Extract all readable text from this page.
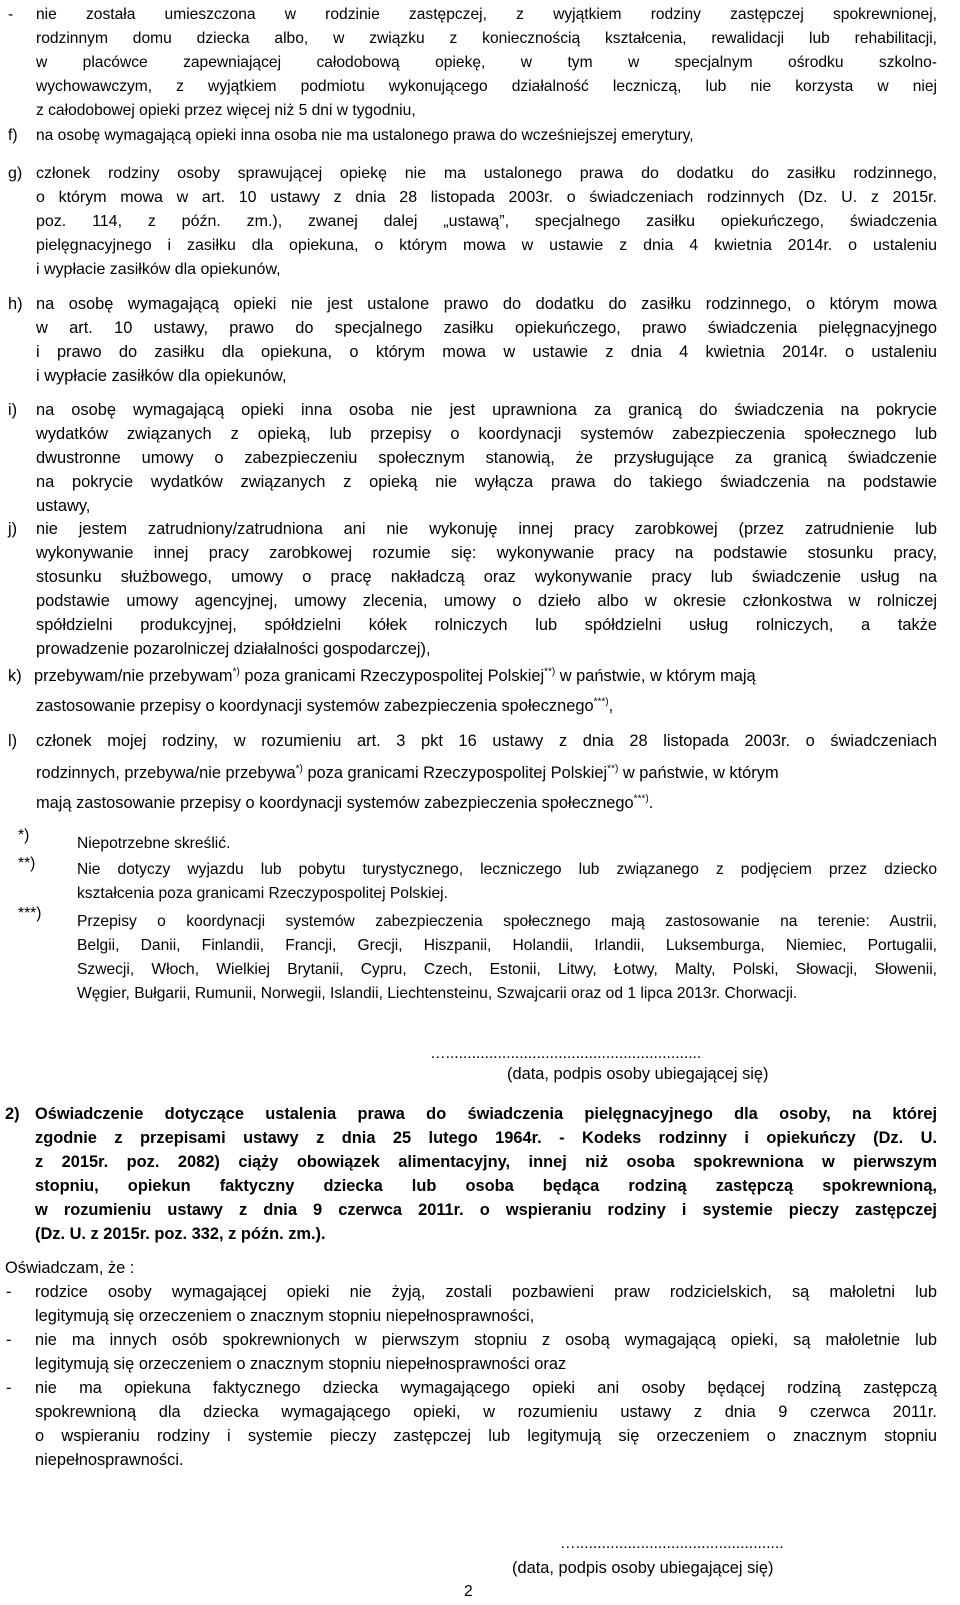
- nie została umieszczona w rodzinie zastępczej, z wyjątkiem rodziny zastępczej spokrewnionej,
rodzinnym domu dziecka albo, w związku z koniecznością kształcenia, rewalidacji lub rehabilitacji,
w placówce zapewniającej całodobową opiekę, w tym w specjalnym ośrodku szkolno-
wychowawczym, z wyjątkiem podmiotu wykonującego działalność leczniczą, lub nie korzysta w niej
z całodobowej opieki przez więcej niż 5 dni w tygodniu,
f) na osobę wymagającą opieki inna osoba nie ma ustalonego prawa do wcześniejszej emerytury,
g) członek rodziny osoby sprawującej opiekę nie ma ustalonego prawa do dodatku do zasiłku rodzinnego,
o którym mowa w art. 10 ustawy z dnia 28 listopada 2003r. o świadczeniach rodzinnych (Dz. U. z 2015r.
poz. 114, z późn. zm.), zwanej dalej „ustawą”, specjalnego zasiłku opiekuńczego, świadczenia
pielęgnacyjnego i zasiłku dla opiekuna, o którym mowa w ustawie z dnia 4 kwietnia 2014r. o ustaleniu
i wypłacie zasiłków dla opiekunów,
h) na osobę wymagającą opieki nie jest ustalone prawo do dodatku do zasiłku rodzinnego, o którym mowa
w art. 10 ustawy, prawo do specjalnego zasiłku opiekuńczego, prawo świadczenia pielęgnacyjnego
i prawo do zasiłku dla opiekuna, o którym mowa w ustawie z dnia 4 kwietnia 2014r. o ustaleniu
i wypłacie zasiłków dla opiekunów,
i) na osobę wymagającą opieki inna osoba nie jest uprawniona za granicą do świadczenia na pokrycie
wydatków związanych z opieką, lub przepisy o koordynacji systemów zabezpieczenia społecznego lub
dwustronne umowy o zabezpieczeniu społecznym stanowią, że przysługujące za granicą świadczenie
na pokrycie wydatków związanych z opieką nie wyłącza prawa do takiego świadczenia na podstawie
ustawy,
j) nie jestem zatrudniony/zatrudniona ani nie wykonuję innej pracy zarobkowej (przez zatrudnienie lub
wykonywanie innej pracy zarobkowej rozumie się: wykonywanie pracy na podstawie stosunku pracy,
stosunku służbowego, umowy o pracę nakładczą oraz wykonywanie pracy lub świadczenie usług na
podstawie umowy agencyjnej, umowy zlecenia, umowy o dzieło albo w okresie członkostwa w rolniczej
spółdzielni produkcyjnej, spółdzielni kółek rolniczych lub spółdzielni usług rolniczych, a także
prowadzenie pozarolniczej działalności gospodarczej),
k) przebywam/nie przebywam*) poza granicami Rzeczypospolitej Polskiej**) w państwie, w którym mają
zastosowanie przepisy o koordynacji systemów zabezpieczenia społecznego***),
l) członek mojej rodziny, w rozumieniu art. 3 pkt 16 ustawy z dnia 28 listopada 2003r. o świadczeniach
rodzinnych, przebywa/nie przebywa*) poza granicami Rzeczypospolitej Polskiej**) w państwie, w którym
mają zastosowanie przepisy o koordynacji systemów zabezpieczenia społecznego***).
*)	Niepotrzebne skreślić.
**)	Nie dotyczy wyjazdu lub pobytu turystycznego, leczniczego lub związanego z podjęciem przez dziecko
kształcenia poza granicami Rzeczypospolitej Polskiej.
***) Przepisy o koordynacji systemów zabezpieczenia społecznego mają zastosowanie na terenie: Austrii,
Belgii, Danii, Finlandii, Francji, Grecji, Hiszpanii, Holandii, Irlandii, Luksemburga, Niemiec, Portugalii,
Szwecji, Włoch, Wielkiej Brytanii, Cypru, Czech, Estonii, Litwy, Łotwy, Malty, Polski, Słowacji, Słowenii,
Węgier, Bułgarii, Rumunii, Norwegii, Islandii, Liechtensteinu, Szwajcarii oraz od 1 lipca 2013r. Chorwacji.
…...........................................................
(data, podpis osoby ubiegającej się)
2) Oświadczenie dotyczące ustalenia prawa do świadczenia pielęgnacyjnego dla osoby, na której
zgodnie z przepisami ustawy z dnia 25 lutego 1964r. - Kodeks rodzinny i opiekuńczy (Dz. U.
z 2015r. poz. 2082) ciąży obowiązek alimentacyjny, innej niż osoba spokrewniona w pierwszym
stopniu, opiekun faktyczny dziecka lub osoba będąca rodziną zastępczą spokrewnioną,
w rozumieniu ustawy z dnia 9 czerwca 2011r. o wspieraniu rodziny i systemie pieczy zastępczej
(Dz. U. z 2015r. poz. 332, z późn. zm.).
Oświadczam, że :
- rodzice osoby wymagającej opieki nie żyją, zostali pozbawieni praw rodzicielskich, są małoletni lub
legitymują się orzeczeniem o znacznym stopniu niepełnosprawności,
- nie ma innych osób spokrewnionych w pierwszym stopniu z osobą wymagającą opieki, są małoletnie lub
legitymują się orzeczeniem o znacznym stopniu niepełnosprawności oraz
- nie ma opiekuna faktycznego dziecka wymagającego opieki ani osoby będącej rodziną zastępczą
spokrewnioną dla dziecka wymagającego opieki, w rozumieniu ustawy z dnia 9 czerwca 2011r.
o wspieraniu rodziny i systemie pieczy zastępczej lub legitymują się orzeczeniem o znacznym stopniu
niepełnosprawności.
…................................................
(data, podpis osoby ubiegającej się)
2
